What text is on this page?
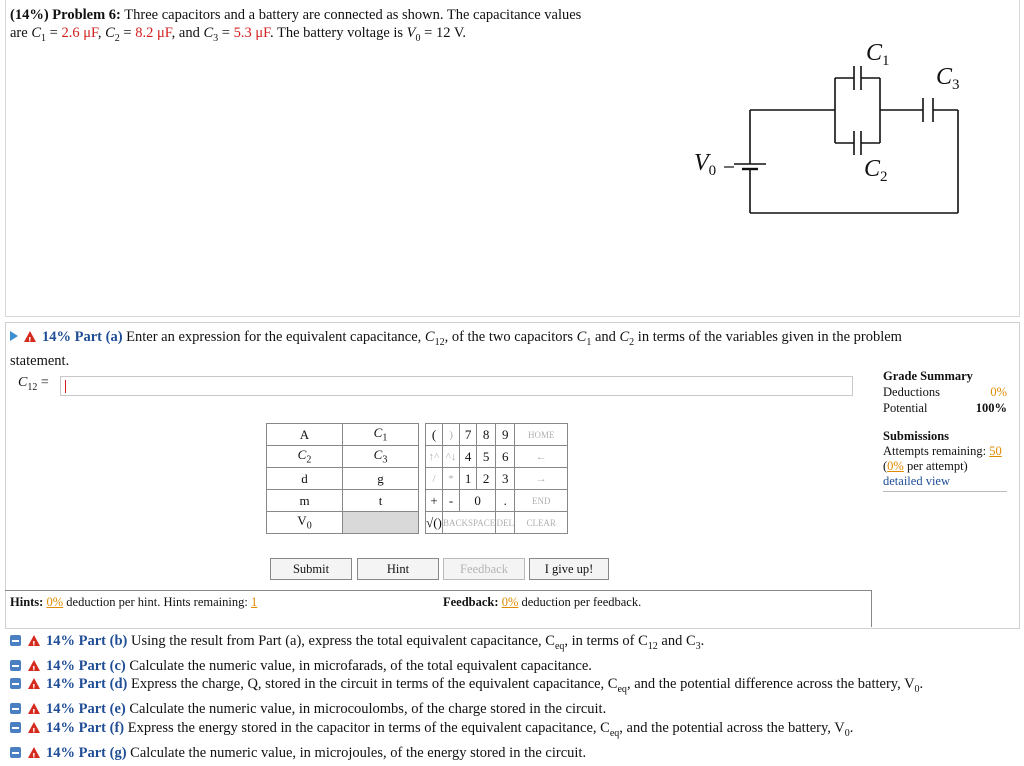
(14%) Problem 6: Three capacitors and a battery are connected as shown. The capacitance values
are $C_1 = 2.6$ μF, $C_2 = 8.2$ μF, and $C_3 = 5.3$ μF. The battery voltage is $V_0 = 12$ V.
$C_1$
$C_2$
$C_3$
$V_0$
!14% Part (a) Enter an expression for the equivalent capacitance, $C_{12}$, of the two capacitors $C_1$ and $C_2$ in terms of the variables given in the problem
statement.
$C_{12}$ =	Grade Summary
Deductions	0%
Potential	100%
Submissions
Attempts remaining: 50
(0% per attempt)
detailed view
A	$C_1$
$C_2$	$C_3$
d	g
m	t
$V_0$	
(	)	7	8	9	HOME
↑^	^↓	4	5	6	←
/	*	1	2	3	→
+	-	0		.	END
√()	BACKSPACE			DEL	CLEAR
Submit	Hint	Feedback	I give up!
Hints: 0% deduction per hint. Hints remaining: 1	Feedback: 0% deduction per feedback.
!14% Part (b) Using the result from Part (a), express the total equivalent capacitance, $C_{eq}$, in terms of $C_{12}$ and $C_3$.
!14% Part (c) Calculate the numeric value, in microfarads, of the total equivalent capacitance.
!14% Part (d) Express the charge, Q, stored in the circuit in terms of the equivalent capacitance, $C_{eq}$, and the potential difference across the battery, $V_0$.
!14% Part (e) Calculate the numeric value, in microcoulombs, of the charge stored in the circuit.
!14% Part (f) Express the energy stored in the capacitor in terms of the equivalent capacitance, $C_{eq}$, and the potential across the battery, $V_0$.
!14% Part (g) Calculate the numeric value, in microjoules, of the energy stored in the circuit.
